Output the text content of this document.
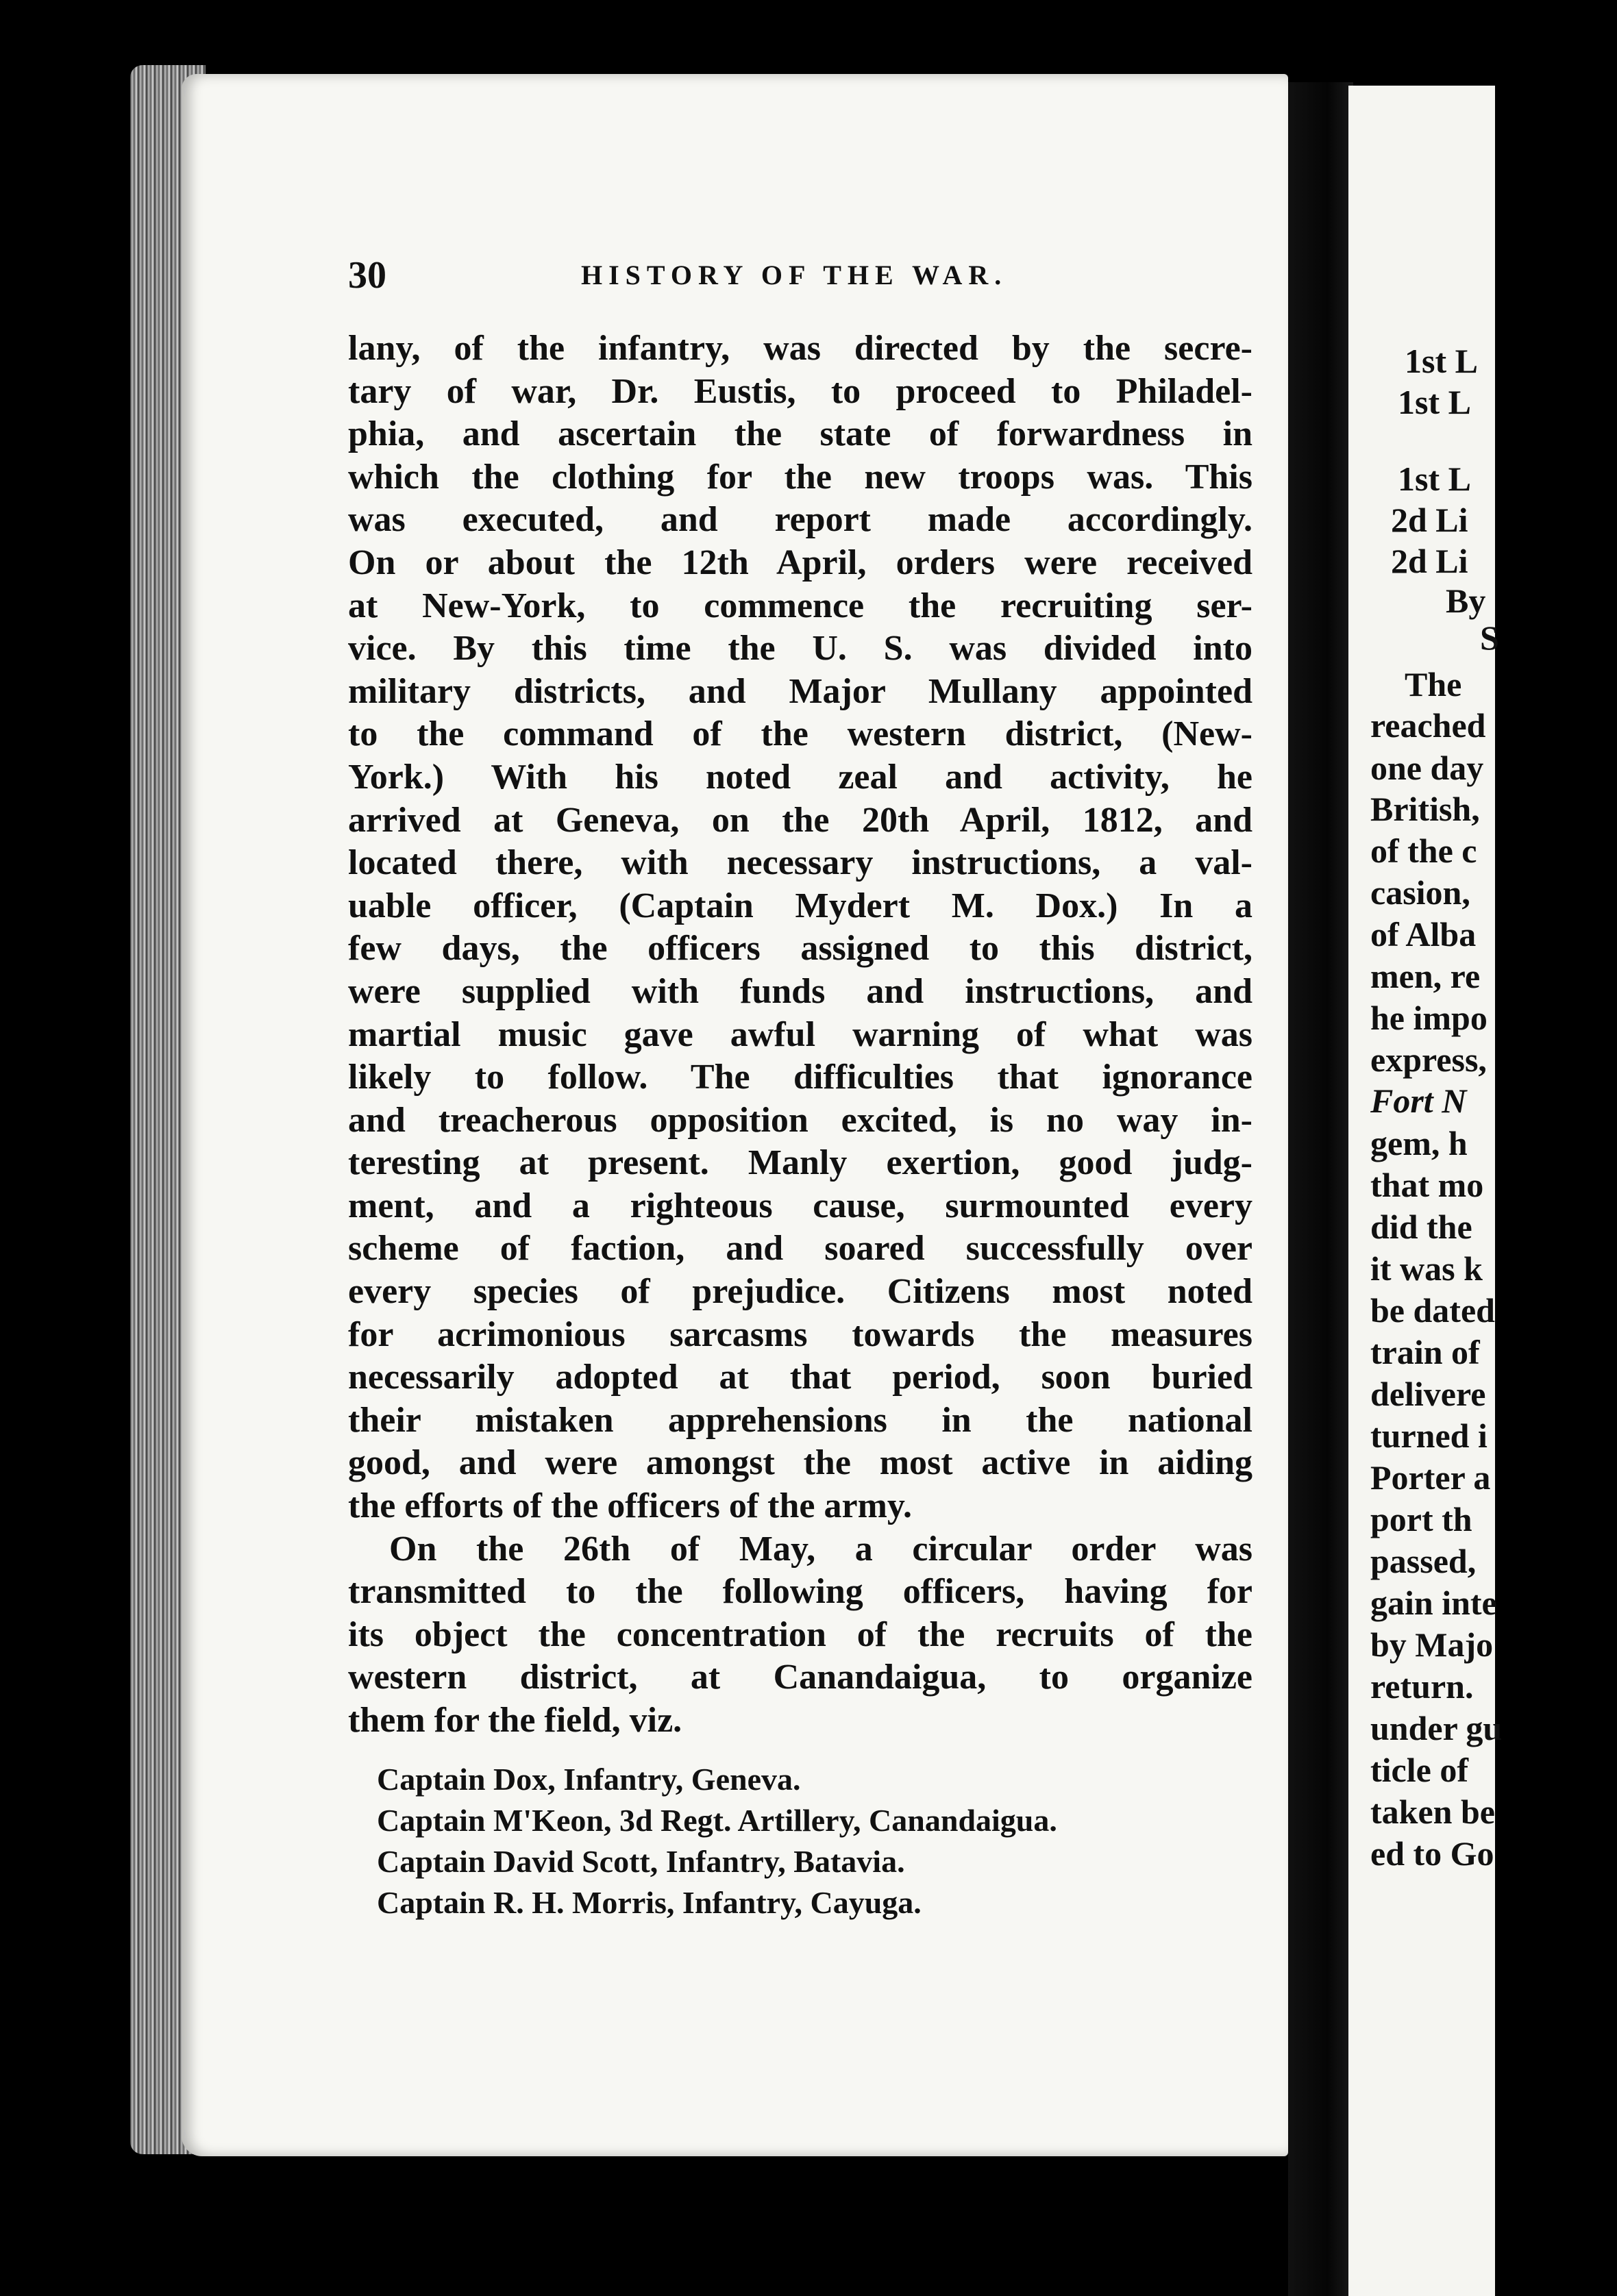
30	HISTORY OF THE WAR.
lany, of the infantry, was directed by the secre-
tary of war, Dr. Eustis, to proceed to Philadel-
phia, and ascertain the state of forwardness in
which the clothing for the new troops was. This
was executed, and report made accordingly.
On or about the 12th April, orders were received
at New-York, to commence the recruiting ser-
vice. By this time the U. S. was divided into
military districts, and Major Mullany appointed
to the command of the western district, (New-
York.) With his noted zeal and activity, he
arrived at Geneva, on the 20th April, 1812, and
located there, with necessary instructions, a val-
uable officer, (Captain Mydert M. Dox.) In a
few days, the officers assigned to this district,
were supplied with funds and instructions, and
martial music gave awful warning of what was
likely to follow. The difficulties that ignorance
and treacherous opposition excited, is no way in-
teresting at present. Manly exertion, good judg-
ment, and a righteous cause, surmounted every
scheme of faction, and soared successfully over
every species of prejudice. Citizens most noted
for acrimonious sarcasms towards the measures
necessarily adopted at that period, soon buried
their mistaken apprehensions in the national
good, and were amongst the most active in aiding
the efforts of the officers of the army.
On the 26th of May, a circular order was
transmitted to the following officers, having for
its object the concentration of the recruits of the
western district, at Canandaigua, to organize
them for the field, viz.
Captain Dox, Infantry, Geneva.
Captain M'Keon, 3d Regt. Artillery, Canandaigua.
Captain David Scott, Infantry, Batavia.
Captain R. H. Morris, Infantry, Cayuga.
1st L
1st L
1st L
2d Li
2d Li
By
S
The
reached
one day
British,
of the c
casion,
of Alba
men, re
he impo
express,
Fort N
gem, h
that mo
did the
it was k
be dated
train of
delivere
turned i
Porter a
port th
passed,
gain inte
by Majo
return.
under gu
ticle of
taken be
ed to Go
